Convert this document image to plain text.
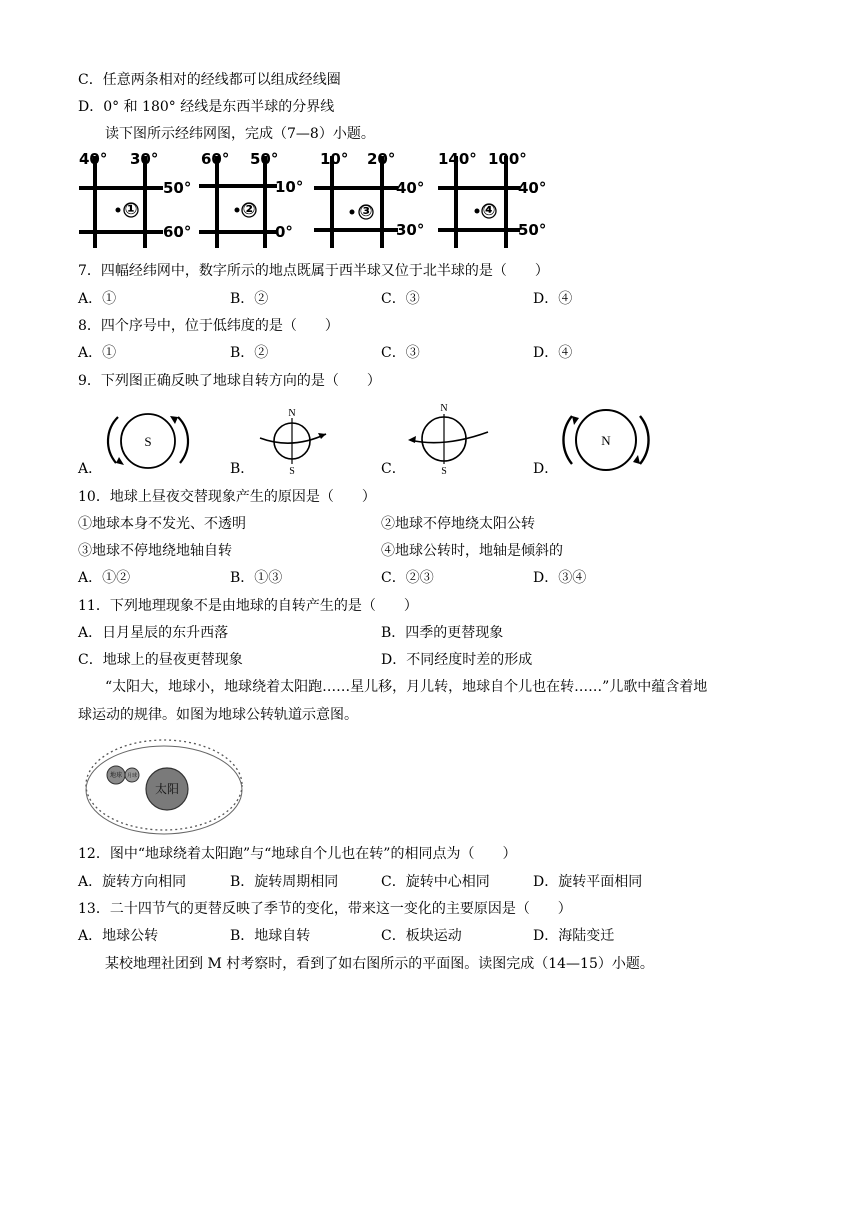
C．任意两条相对的经线都可以组成经线圈
D．0° 和 180° 经线是东西半球的分界线
读下图所示经纬网图，完成（7—8）小题。
①
40° 30°
50°
60°
②
60° 50°
10°
0°
③
10° 20°
40°
30°
④
140° 100°
40°
50°
7．四幅经纬网中，数字所示的地点既属于西半球又位于北半球的是（　　）
A．①	B．②	C．③	D．④
8．四个序号中，位于低纬度的是（　　）
A．①	B．②	C．③	D．④
9．下列图正确反映了地球自转方向的是（　　）
A．	B．	C．	D．
S
N
S
N
S
N
10．地球上昼夜交替现象产生的原因是（　　）
①地球本身不发光、不透明	②地球不停地绕太阳公转
③地球不停地绕地轴自转	④地球公转时，地轴是倾斜的
A．①②	B．①③	C．②③	D．③④
11．下列地理现象不是由地球的自转产生的是（　　）
A．日月星辰的东升西落	B．四季的更替现象
C．地球上的昼夜更替现象	D．不同经度时差的形成
“太阳大，地球小，地球绕着太阳跑……星儿移，月儿转，地球自个儿也在转……”儿歌中蕴含着地
球运动的规律。如图为地球公转轨道示意图。
太阳
地球 月球
12．图中“地球绕着太阳跑”与“地球自个儿也在转”的相同点为（　　）
A．旋转方向相同	B．旋转周期相同	C．旋转中心相同	D．旋转平面相同
13．二十四节气的更替反映了季节的变化，带来这一变化的主要原因是（　　）
A．地球公转	B．地球自转	C．板块运动	D．海陆变迁
某校地理社团到 M 村考察时，看到了如右图所示的平面图。读图完成（14—15）小题。
